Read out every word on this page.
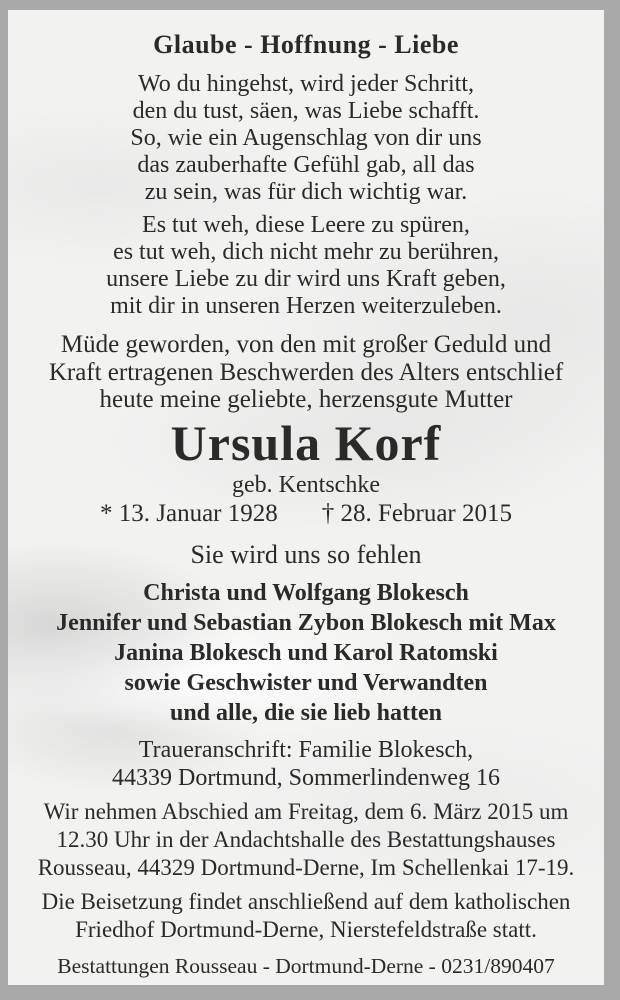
Glaube - Hoffnung - Liebe
Wo du hingehst, wird jeder Schritt,
den du tust, säen, was Liebe schafft.
So, wie ein Augenschlag von dir uns
das zauberhafte Gefühl gab, all das
zu sein, was für dich wichtig war.
Es tut weh, diese Leere zu spüren,
es tut weh, dich nicht mehr zu berühren,
unsere Liebe zu dir wird uns Kraft geben,
mit dir in unseren Herzen weiterzuleben.
Müde geworden, von den mit großer Geduld und
Kraft ertragenen Beschwerden des Alters entschlief
heute meine geliebte, herzensgute Mutter
Ursula Korf
geb. Kentschke
* 13. Januar 1928 † 28. Februar 2015
Sie wird uns so fehlen
Christa und Wolfgang Blokesch
Jennifer und Sebastian Zybon Blokesch mit Max
Janina Blokesch und Karol Ratomski
sowie Geschwister und Verwandten
und alle, die sie lieb hatten
Traueranschrift: Familie Blokesch,
44339 Dortmund, Sommerlindenweg 16
Wir nehmen Abschied am Freitag, dem 6. März 2015 um
12.30 Uhr in der Andachtshalle des Bestattungshauses
Rousseau, 44329 Dortmund-Derne, Im Schellenkai 17-19.
Die Beisetzung findet anschließend auf dem katholischen
Friedhof Dortmund-Derne, Nierstefeldstraße statt.
Bestattungen Rousseau - Dortmund-Derne - 0231/890407
